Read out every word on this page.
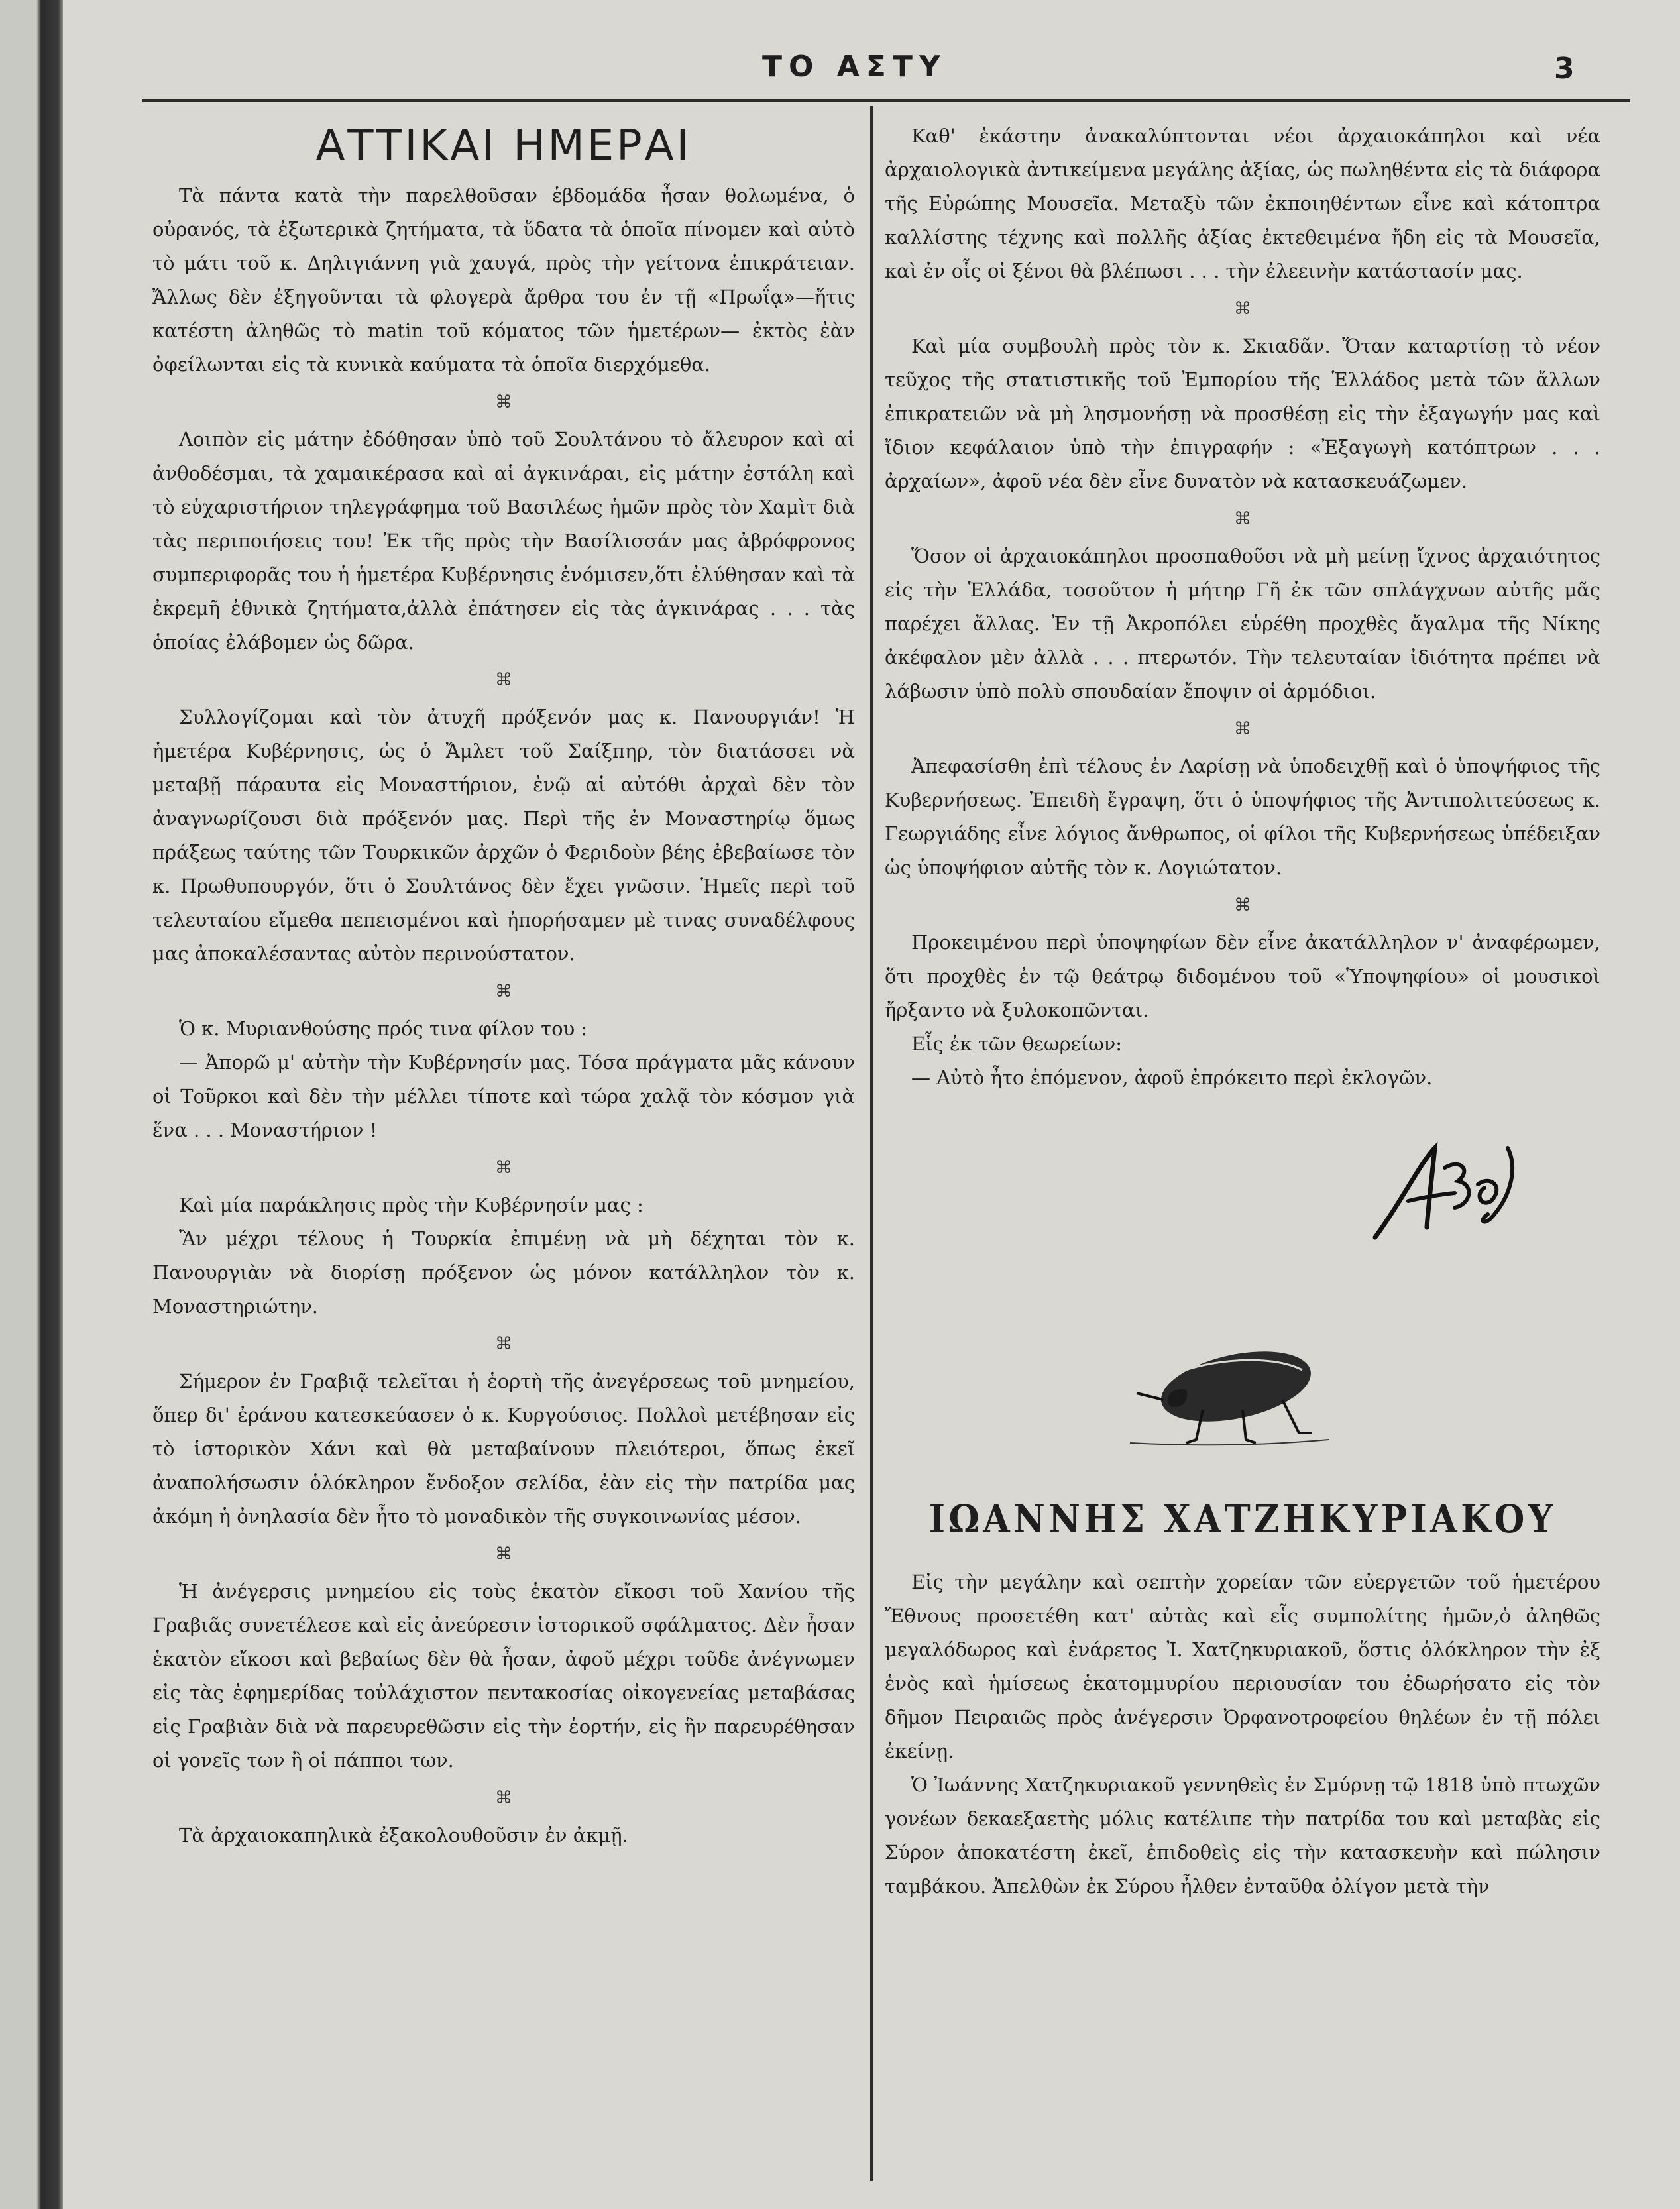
ΤΟ ΑΣΤΥ	3
ΑΤΤΙΚΑΙ ΗΜΕΡΑΙ

Τὰ πάντα κατὰ τὴν παρελθοῦσαν ἑβδομάδα ἦσαν θολωμένα, ὁ οὐρανός, τὰ ἐξωτερικὰ ζητήματα, τὰ ὕδατα τὰ ὁποῖα πίνομεν καὶ αὐτὸ τὸ μάτι τοῦ κ. Δηλιγιάννη γιὰ χαυγά, πρὸς τὴν γείτονα ἐπικράτειαν. Ἄλλως δὲν ἐξηγοῦνται τὰ φλογερὰ ἄρθρα του ἐν τῇ «Πρωΐᾳ»—ἥτις κατέστη ἀληθῶς τὸ matin τοῦ κόματος τῶν ἡμετέρων— ἐκτὸς ἐὰν ὀφείλωνται εἰς τὰ κυνικὰ καύματα τὰ ὁποῖα διερχόμεθα.

⌘

Λοιπὸν εἰς μάτην ἐδόθησαν ὑπὸ τοῦ Σουλτάνου τὸ ἄλευρον καὶ αἱ ἀνθοδέσμαι, τὰ χαμαικέρασα καὶ αἱ ἀγκινάραι, εἰς μάτην ἐστάλη καὶ τὸ εὐχαριστήριον τηλεγράφημα τοῦ Βασιλέως ἡμῶν πρὸς τὸν Χαμὶτ διὰ τὰς περιποιήσεις του! Ἐκ τῆς πρὸς τὴν Βασίλισσάν μας ἀβρόφρονος συμπεριφορᾶς του ἡ ἡμετέρα Κυβέρνησις ἐνόμισεν,ὅτι ἐλύθησαν καὶ τὰ ἐκρεμῆ ἐθνικὰ ζητήματα,ἀλλὰ ἐπάτησεν εἰς τὰς ἀγκινάρας . . . τὰς ὁποίας ἐλάβομεν ὡς δῶρα.

⌘

Συλλογίζομαι καὶ τὸν ἀτυχῆ πρόξενόν μας κ. Πανουργιάν! Ἡ ἡμετέρα Κυβέρνησις, ὡς ὁ Ἄμλετ τοῦ Σαίξπηρ, τὸν διατάσσει νὰ μεταβῇ πάραυτα εἰς Μοναστήριον, ἐνῷ αἱ αὐτόθι ἀρχαὶ δὲν τὸν ἀναγνωρίζουσι διὰ πρόξενόν μας. Περὶ τῆς ἐν Μοναστηρίῳ ὅμως πράξεως ταύτης τῶν Τουρκικῶν ἀρχῶν ὁ Φεριδοὺν βέης ἐβεβαίωσε τὸν κ. Πρωθυπουργόν, ὅτι ὁ Σουλτάνος δὲν ἔχει γνῶσιν. Ἡμεῖς περὶ τοῦ τελευταίου εἴμεθα πεπεισμένοι καὶ ἠπορήσαμεν μὲ τινας συναδέλφους μας ἀποκαλέσαντας αὐτὸν περινούστατον.

⌘

Ὁ κ. Μυριανθούσης πρός τινα φίλον του :

— Ἀπορῶ μ' αὐτὴν τὴν Κυβέρνησίν μας. Τόσα πράγματα μᾶς κάνουν οἱ Τοῦρκοι καὶ δὲν τὴν μέλλει τίποτε καὶ τώρα χαλᾷ τὸν κόσμον γιὰ ἕνα . . . Μοναστήριον !

⌘

Καὶ μία παράκλησις πρὸς τὴν Κυβέρνησίν μας :

Ἂν μέχρι τέλους ἡ Τουρκία ἐπιμένῃ νὰ μὴ δέχηται τὸν κ. Πανουργιὰν νὰ διορίσῃ πρόξενον ὡς μόνον κατάλληλον τὸν κ. Μοναστηριώτην.

⌘

Σήμερον ἐν Γραβιᾷ τελεῖται ἡ ἑορτὴ τῆς ἀνεγέρσεως τοῦ μνημείου, ὅπερ δι' ἐράνου κατεσκεύασεν ὁ κ. Κυργούσιος. Πολλοὶ μετέβησαν εἰς τὸ ἱστορικὸν Χάνι καὶ θὰ μεταβαίνουν πλειότεροι, ὅπως ἐκεῖ ἀναπολήσωσιν ὁλόκληρον ἔνδοξον σελίδα, ἐὰν εἰς τὴν πατρίδα μας ἀκόμη ἡ ὀνηλασία δὲν ἦτο τὸ μοναδικὸν τῆς συγκοινωνίας μέσον.

⌘

Ἡ ἀνέγερσις μνημείου εἰς τοὺς ἑκατὸν εἴκοσι τοῦ Χανίου τῆς Γραβιᾶς συνετέλεσε καὶ εἰς ἀνεύρεσιν ἱστορικοῦ σφάλματος. Δὲν ἦσαν ἑκατὸν εἴκοσι καὶ βεβαίως δὲν θὰ ἦσαν, ἀφοῦ μέχρι τοῦδε ἀνέγνωμεν εἰς τὰς ἐφημερίδας τοὐλάχιστον πεντακοσίας οἰκογενείας μεταβάσας εἰς Γραβιὰν διὰ νὰ παρευρεθῶσιν εἰς τὴν ἑορτήν, εἰς ἣν παρευρέθησαν οἱ γονεῖς των ἢ οἱ πάπποι των.

⌘

Τὰ ἀρχαιοκαπηλικὰ ἐξακολουθοῦσιν ἐν ἀκμῇ.

Καθ' ἑκάστην ἀνακαλύπτονται νέοι ἀρχαιοκάπηλοι καὶ νέα ἀρχαιολογικὰ ἀντικείμενα μεγάλης ἀξίας, ὡς πωληθέντα εἰς τὰ διάφορα τῆς Εὐρώπης Μουσεῖα. Μεταξὺ τῶν ἐκποιηθέντων εἶνε καὶ κάτοπτρα καλλίστης τέχνης καὶ πολλῆς ἀξίας ἐκτεθειμένα ἤδη εἰς τὰ Μουσεῖα, καὶ ἐν οἷς οἱ ξένοι θὰ βλέπωσι . . . τὴν ἐλεεινὴν κατάστασίν μας.

⌘

Καὶ μία συμβουλὴ πρὸς τὸν κ. Σκιαδᾶν. Ὅταν καταρτίσῃ τὸ νέον τεῦχος τῆς στατιστικῆς τοῦ Ἐμπορίου τῆς Ἑλλάδος μετὰ τῶν ἄλλων ἐπικρατειῶν νὰ μὴ λησμονήσῃ νὰ προσθέσῃ εἰς τὴν ἐξαγωγήν μας καὶ ἴδιον κεφάλαιον ὑπὸ τὴν ἐπιγραφήν : «Ἐξαγωγὴ κατόπτρων . . . ἀρχαίων», ἀφοῦ νέα δὲν εἶνε δυνατὸν νὰ κατασκευάζωμεν.

⌘

Ὅσον οἱ ἀρχαιοκάπηλοι προσπαθοῦσι νὰ μὴ μείνῃ ἴχνος ἀρχαιότητος εἰς τὴν Ἑλλάδα, τοσοῦτον ἡ μήτηρ Γῆ ἐκ τῶν σπλάγχνων αὐτῆς μᾶς παρέχει ἄλλας. Ἐν τῇ Ἀκροπόλει εὑρέθη προχθὲς ἄγαλμα τῆς Νίκης ἀκέφαλον μὲν ἀλλὰ . . . πτερωτόν. Τὴν τελευταίαν ἰδιότητα πρέπει νὰ λάβωσιν ὑπὸ πολὺ σπουδαίαν ἔποψιν οἱ ἁρμόδιοι.

⌘

Ἀπεφασίσθη ἐπὶ τέλους ἐν Λαρίσῃ νὰ ὑποδειχθῇ καὶ ὁ ὑποψήφιος τῆς Κυβερνήσεως. Ἐπειδὴ ἔγραψη, ὅτι ὁ ὑποψήφιος τῆς Ἀντιπολιτεύσεως κ. Γεωργιάδης εἶνε λόγιος ἄνθρωπος, οἱ φίλοι τῆς Κυβερνήσεως ὑπέδειξαν ὡς ὑποψήφιον αὐτῆς τὸν κ. Λογιώτατον.

⌘

Προκειμένου περὶ ὑποψηφίων δὲν εἶνε ἀκατάλληλον ν' ἀναφέρωμεν, ὅτι προχθὲς ἐν τῷ θεάτρῳ διδομένου τοῦ «Ὑποψηφίου» οἱ μουσικοὶ ἤρξαντο νὰ ξυλοκοπῶνται.

Εἷς ἐκ τῶν θεωρείων:

— Αὐτὸ ἦτο ἑπόμενον, ἀφοῦ ἐπρόκειτο περὶ ἐκλογῶν.

ΙΩΑΝΝΗΣ ΧΑΤΖΗΚΥΡΙΑΚΟΥ

Εἰς τὴν μεγάλην καὶ σεπτὴν χορείαν τῶν εὐεργετῶν τοῦ ἡμετέρου Ἔθνους προσετέθη κατ' αὐτὰς καὶ εἷς συμπολίτης ἡμῶν,ὁ ἀληθῶς μεγαλόδωρος καὶ ἐνάρετος Ἰ. Χατζηκυριακοῦ, ὅστις ὁλόκληρον τὴν ἐξ ἑνὸς καὶ ἡμίσεως ἑκατομμυρίου περιουσίαν του ἐδωρήσατο εἰς τὸν δῆμον Πειραιῶς πρὸς ἀνέγερσιν Ὀρφανοτροφείου θηλέων ἐν τῇ πόλει ἐκείνῃ.

Ὁ Ἰωάννης Χατζηκυριακοῦ γεννηθεὶς ἐν Σμύρνῃ τῷ 1818 ὑπὸ πτωχῶν γονέων δεκαεξαετὴς μόλις κατέλιπε τὴν πατρίδα του καὶ μεταβὰς εἰς Σύρον ἀποκατέστη ἐκεῖ, ἐπιδοθεὶς εἰς τὴν κατασκευὴν καὶ πώλησιν ταμβάκου. Ἀπελθὼν ἐκ Σύρου ἦλθεν ἐνταῦθα ὀλίγον μετὰ τὴν
